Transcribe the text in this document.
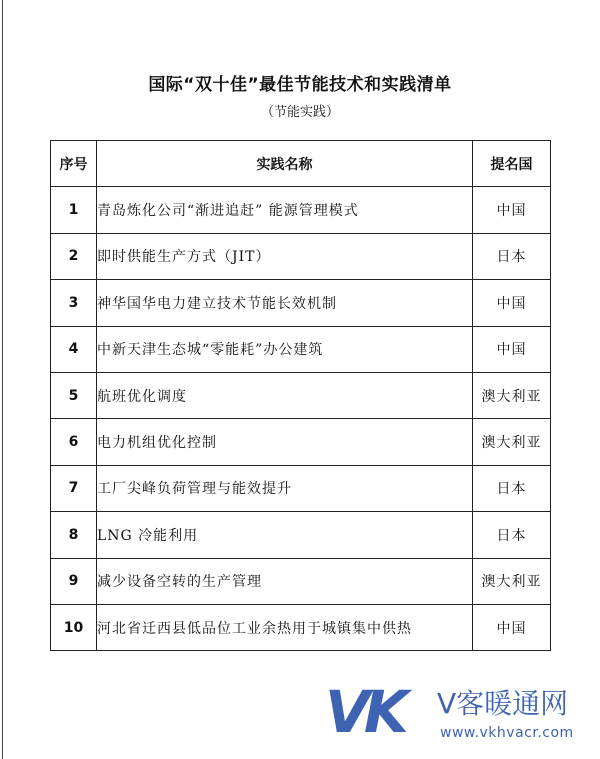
国际“双十佳”最佳节能技术和实践清单
（节能实践）
序号	实践名称	提名国
1	青岛炼化公司“渐进追赶” 能源管理模式	中国
2	即时供能生产方式（JIT）	日本
3	神华国华电力建立技术节能长效机制	中国
4	中新天津生态城“零能耗”办公建筑	中国
5	航班优化调度	澳大利亚
6	电力机组优化控制	澳大利亚
7	工厂尖峰负荷管理与能效提升	日本
8	LNG 冷能利用	日本
9	减少设备空转的生产管理	澳大利亚
10	河北省迁西县低品位工业余热用于城镇集中供热	中国
VK	V客暖通网
www.vkhvacr.com
